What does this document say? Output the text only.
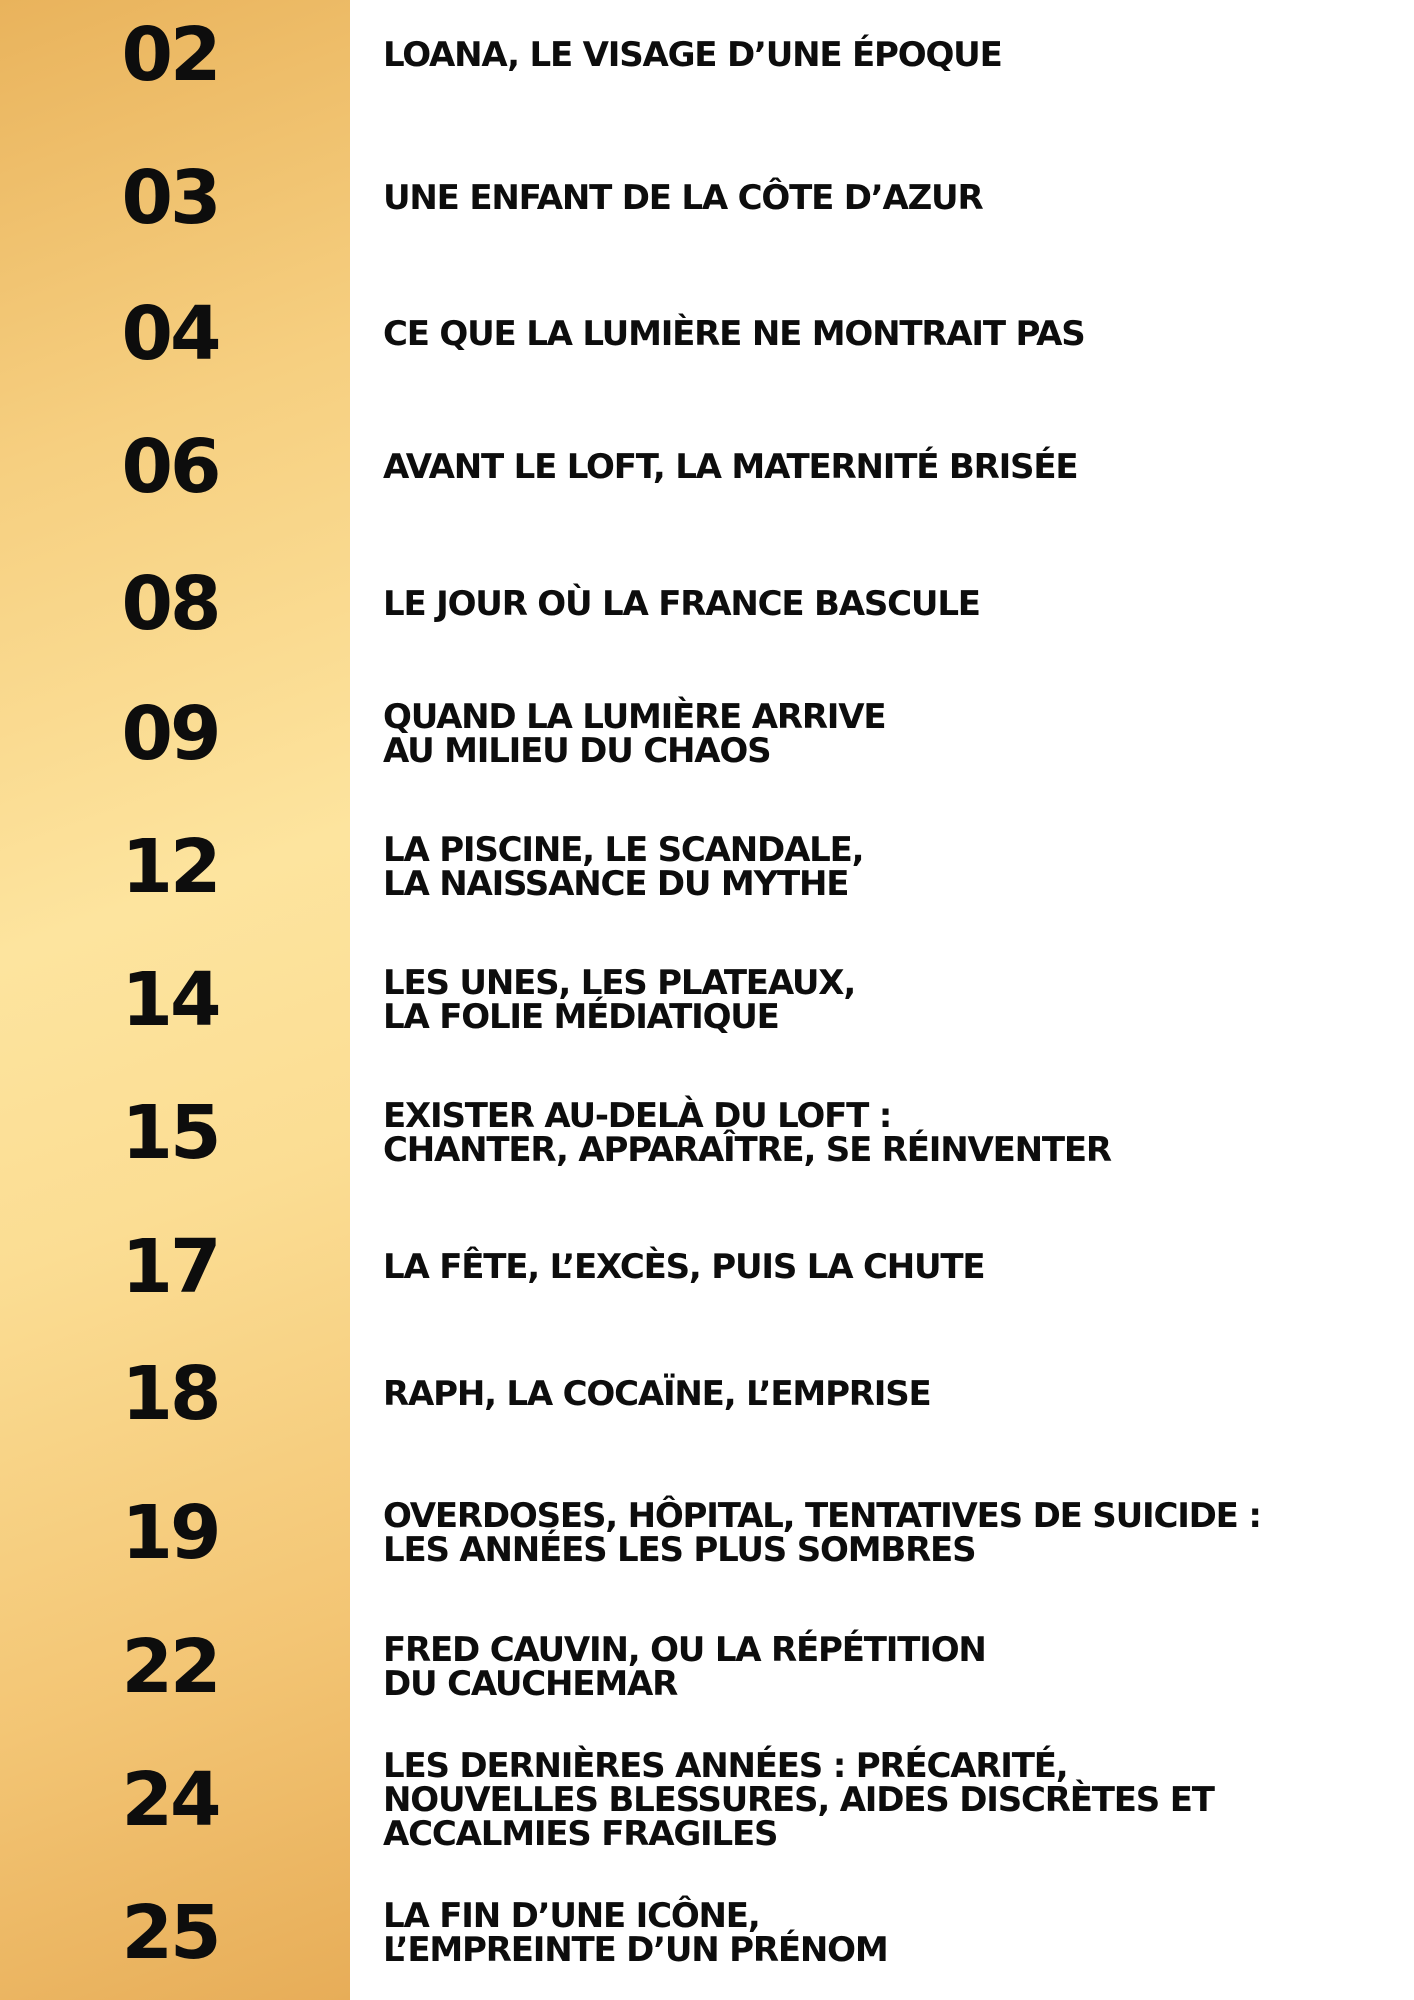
02	LOANA, LE VISAGE D’UNE ÉPOQUE
03	UNE ENFANT DE LA CÔTE D’AZUR
04	CE QUE LA LUMIÈRE NE MONTRAIT PAS
06	AVANT LE LOFT, LA MATERNITÉ BRISÉE
08	LE JOUR OÙ LA FRANCE BASCULE
09	QUAND LA LUMIÈRE ARRIVE
AU MILIEU DU CHAOS
12	LA PISCINE, LE SCANDALE,
LA NAISSANCE DU MYTHE
14	LES UNES, LES PLATEAUX,
LA FOLIE MÉDIATIQUE
15	EXISTER AU-DELÀ DU LOFT :
CHANTER, APPARAÎTRE, SE RÉINVENTER
17	LA FÊTE, L’EXCÈS, PUIS LA CHUTE
18	RAPH, LA COCAÏNE, L’EMPRISE
19	OVERDOSES, HÔPITAL, TENTATIVES DE SUICIDE :
LES ANNÉES LES PLUS SOMBRES
22	FRED CAUVIN, OU LA RÉPÉTITION
DU CAUCHEMAR
24	LES DERNIÈRES ANNÉES : PRÉCARITÉ,
NOUVELLES BLESSURES, AIDES DISCRÈTES ET
ACCALMIES FRAGILES
25	LA FIN D’UNE ICÔNE,
L’EMPREINTE D’UN PRÉNOM
